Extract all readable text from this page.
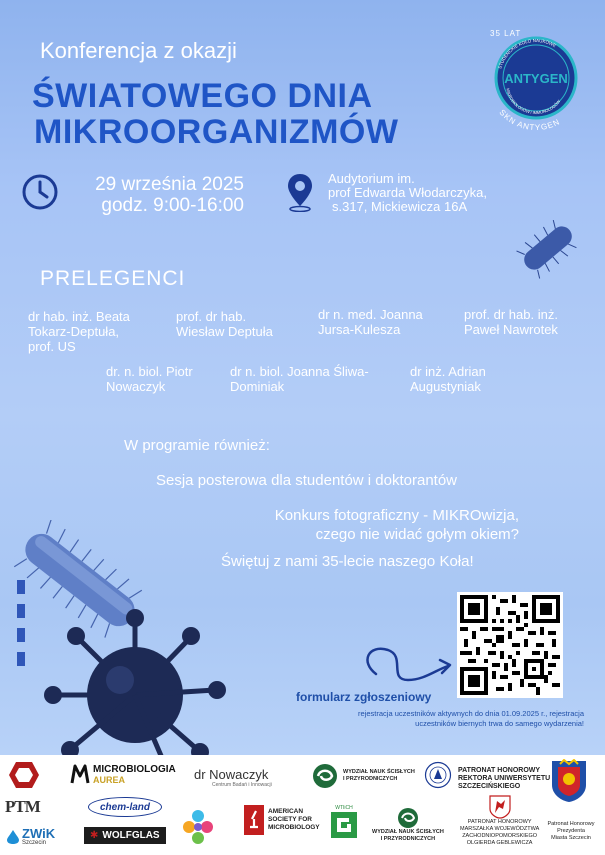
Konferencja z okazji
ŚWIATOWEGO DNIA
MIKROORGANIZMÓW
35 LAT
STUDENCKIE KOŁO NAUKOWE
ANTYGEN
MIKROBIOLOGÓW I IMMUNOLOGÓW
SKN ANTYGEN
29 września 2025
godz. 9:00-16:00
Audytorium im.
prof Edwarda Włodarczyka,
s.317, Mickiewicza 16A
PRELEGENCI
dr hab. inż. Beata
Tokarz-Deptuła,
prof. US
prof. dr hab.
Wiesław Deptuła
dr n. med. Joanna
Jursa-Kulesza
prof. dr hab. inż.
Paweł Nawrotek
dr. n. biol. Piotr
Nowaczyk
dr n. biol. Joanna Śliwa-
Dominiak
dr inż. Adrian
Augustyniak
W programie również:
Sesja posterowa dla studentów i doktorantów
Konkurs fotograficzny - MIKROwizja,
czego nie widać gołym okiem?
Świętuj z nami 35-lecie naszego Koła!
formularz zgłoszeniowy
rejestracja uczestników aktywnych do dnia 01.09.2025 r., rejestracja
uczestników biernych trwa do samego wydarzenia!
MICROBIOLOGIA
AUREA	dr Nowaczyk
Centrum Badań i Innowacji
WYDZIAŁ NAUK ŚCISŁYCH
I PRZYRODNICZYCH
PATRONAT HONOROWY
REKTORA UNIWERSYTETU
SZCZECIŃSKIEGO
PTM	chem-land
ZWiK
Szczecin
✱ WOLFGLAS
AMERICAN
SOCIETY FOR
MICROBIOLOGY
WTIiCH
WYDZIAŁ NAUK ŚCISŁYCH
I PRZYRODNICZYCH
PATRONAT HONOROWY
MARSZAŁKA WOJEWÓDZTWA
ZACHODNIOPOMORSKIEGO
OLGIERDA GEBLEWICZA
Patronat Honorowy
Prezydenta
Miasta Szczecin
